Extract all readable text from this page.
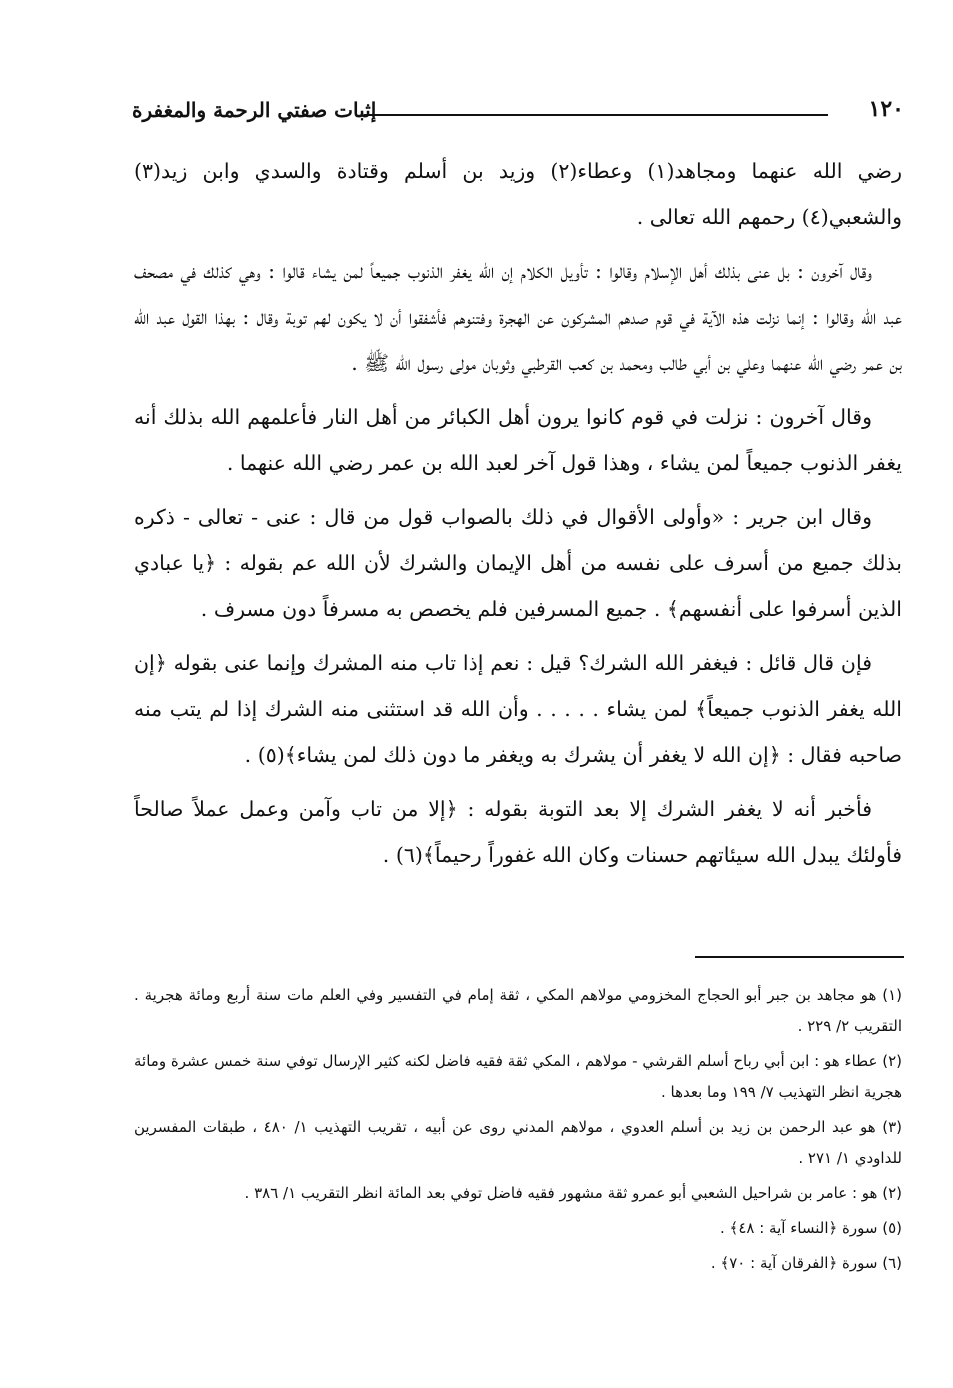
١٢٠
إثبات صفتي الرحمة والمغفرة

رضي الله عنهما ومجاهد(١) وعطاء(٢) وزيد بن أسلم وقتادة والسدي وابن زيد(٣) والشعبي(٤) رحمهم الله تعالى .

وقال آخرون : بل عنى بذلك أهل الإسلام وقالوا : تأويل الكلام إن الله يغفر الذنوب جميعاً لمن يشاء قالوا : وهي كذلك في مصحف عبد الله وقالوا : إنما نزلت هذه الآية في قوم صدهم المشركون عن الهجرة وفتنوهم فأشفقوا أن لا يكون لهم توبة وقال : بهذا القول عبد الله بن عمر رضي الله عنهما وعلي بن أبي طالب ومحمد بن كعب القرطبي وثوبان مولى رسول الله ﷺ .

وقال آخرون : نزلت في قوم كانوا يرون أهل الكبائر من أهل النار فأعلمهم الله بذلك أنه يغفر الذنوب جميعاً لمن يشاء ، وهذا قول آخر لعبد الله بن عمر رضي الله عنهما .

وقال ابن جرير : «وأولى الأقوال في ذلك بالصواب قول من قال : عنى - تعالى - ذكره بذلك جميع من أسرف على نفسه من أهل الإيمان والشرك لأن الله عم بقوله : ﴿يا عبادي الذين أسرفوا على أنفسهم﴾ . جميع المسرفين فلم يخصص به مسرفاً دون مسرف .

فإن قال قائل : فيغفر الله الشرك؟ قيل : نعم إذا تاب منه المشرك وإنما عنى بقوله ﴿إن الله يغفر الذنوب جميعاً﴾ لمن يشاء . . . . . وأن الله قد استثنى منه الشرك إذا لم يتب منه صاحبه فقال : ﴿إن الله لا يغفر أن يشرك به ويغفر ما دون ذلك لمن يشاء﴾(٥) .

فأخبر أنه لا يغفر الشرك إلا بعد التوبة بقوله : ﴿إلا من تاب وآمن وعمل عملاً صالحاً فأولئك يبدل الله سيئاتهم حسنات وكان الله غفوراً رحيماً﴾(٦) .

(١) هو مجاهد بن جبر أبو الحجاج المخزومي مولاهم المكي ، ثقة إمام في التفسير وفي العلم مات سنة أربع ومائة هجرية . التقريب ٢/ ٢٢٩ .

(٢) عطاء هو : ابن أبي رباح أسلم القرشي - مولاهم ، المكي ثقة فقيه فاضل لكنه كثير الإرسال توفي سنة خمس عشرة ومائة هجرية انظر التهذيب ٧/ ١٩٩ وما بعدها .

(٣) هو عبد الرحمن بن زيد بن أسلم العدوي ، مولاهم المدني روى عن أبيه ، تقريب التهذيب ١/ ٤٨٠ ، طبقات المفسرين للداودي ١/ ٢٧١ .

(٢) هو : عامر بن شراحيل الشعبي أبو عمرو ثقة مشهور فقيه فاضل توفي بعد المائة انظر التقريب ١/ ٣٨٦ .

(٥) سورة ﴿النساء آية : ٤٨﴾ .

(٦) سورة ﴿الفرقان آية : ٧٠﴾ .
